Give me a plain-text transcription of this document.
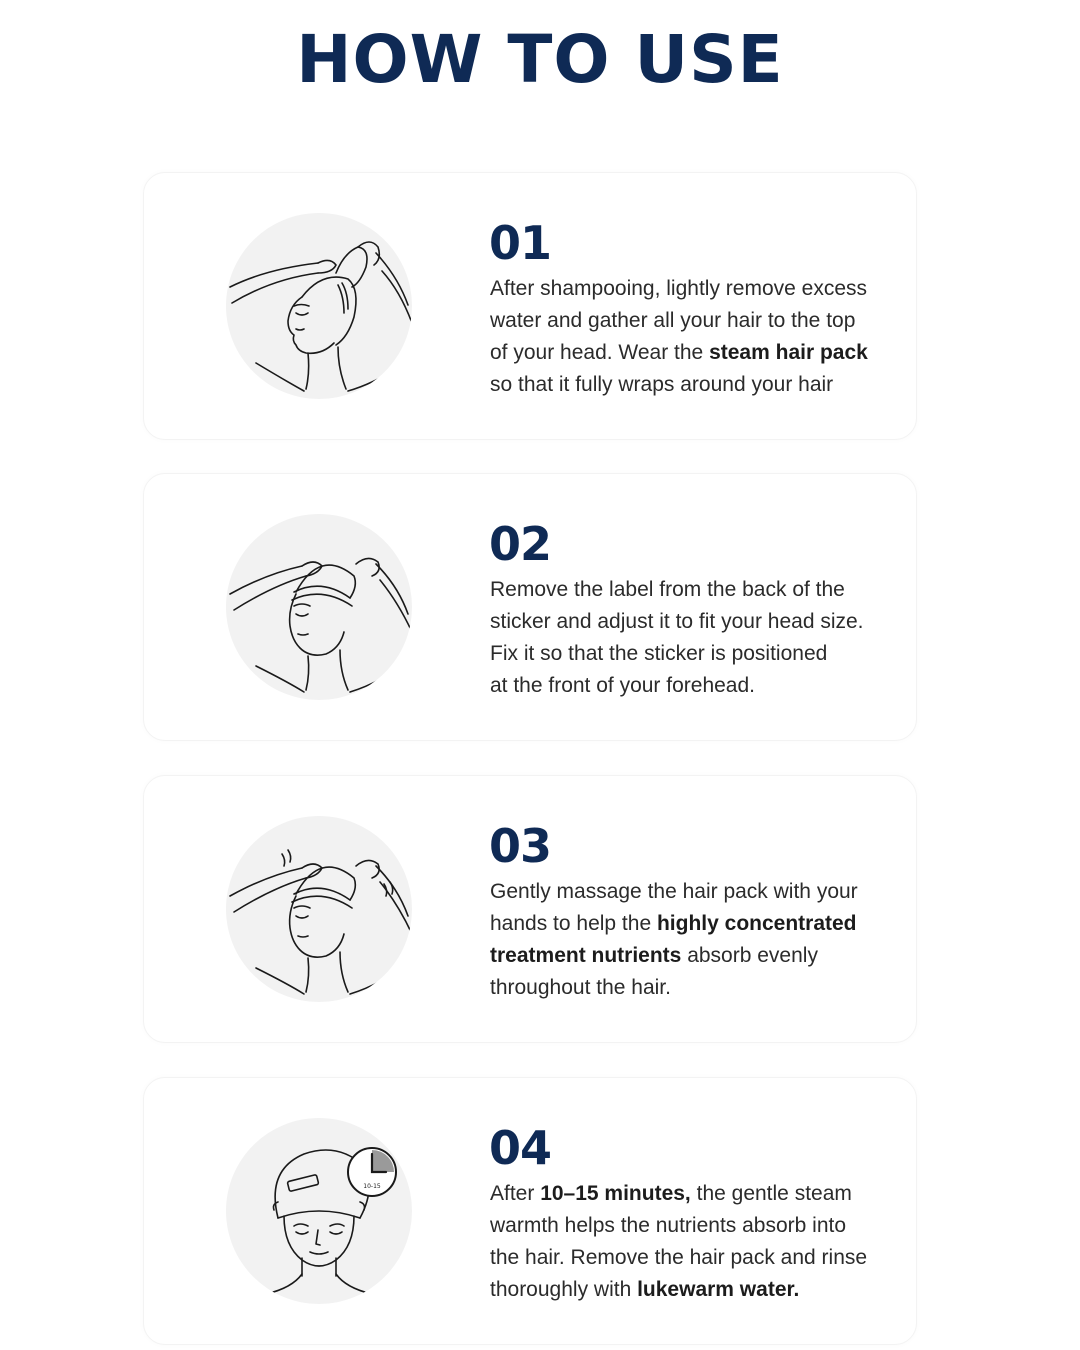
HOW TO USE
01
After shampooing, lightly remove excess
water and gather all your hair to the top
of your head. Wear the steam hair pack
so that it fully wraps around your hair
02
Remove the label from the back of the
sticker and adjust it to fit your head size.
Fix it so that the sticker is positioned
at the front of your forehead.
03
Gently massage the hair pack with your
hands to help the highly concentrated
treatment nutrients absorb evenly
throughout the hair.
10-15
04
After 10–15 minutes, the gentle steam
warmth helps the nutrients absorb into
the hair. Remove the hair pack and rinse
thoroughly with lukewarm water.
